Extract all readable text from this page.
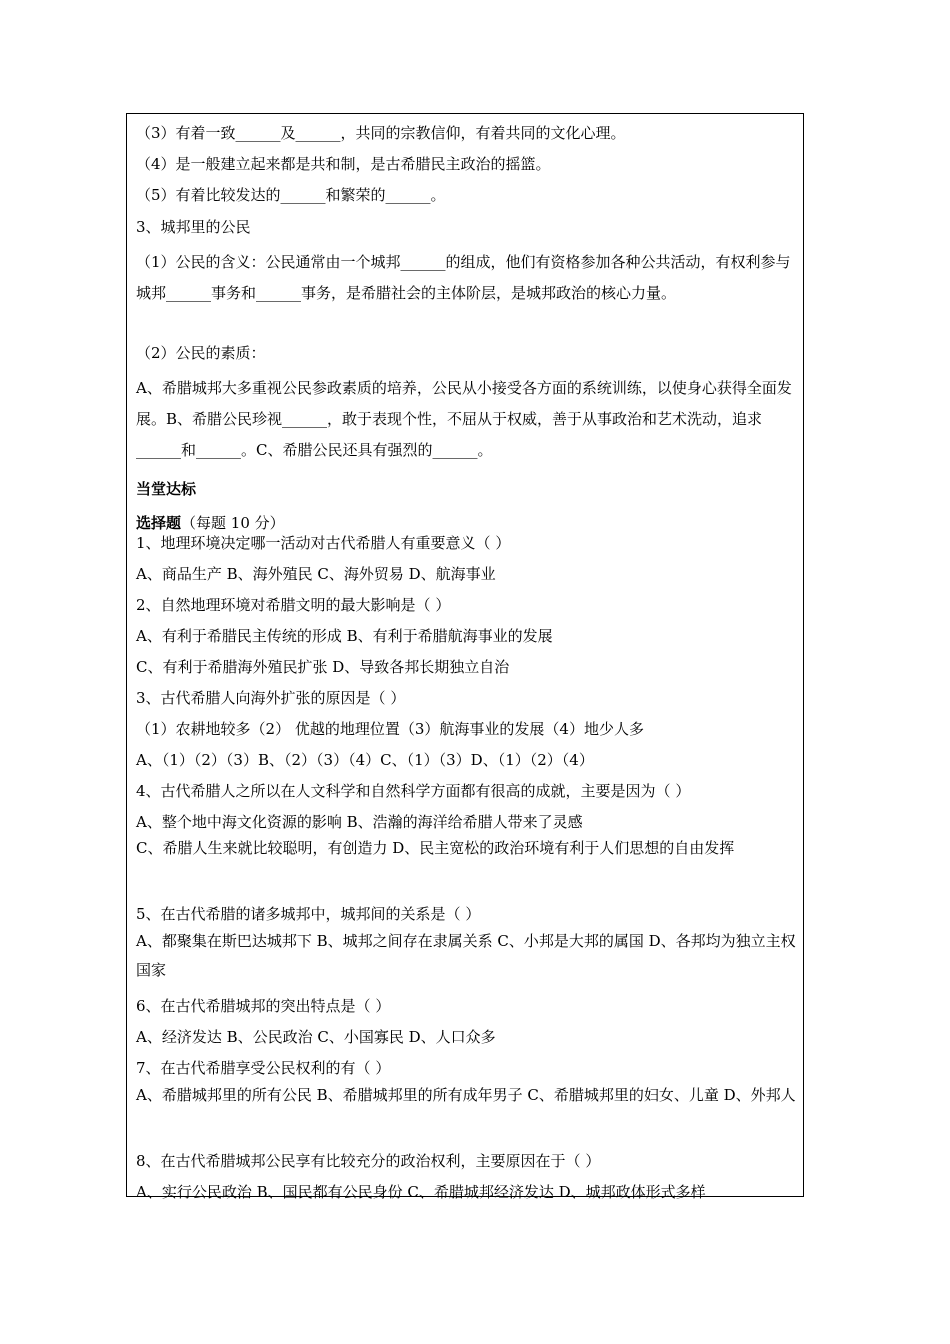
（3）有着一致______及______，共同的宗教信仰，有着共同的文化心理。
（4）是一般建立起来都是共和制，是古希腊民主政治的摇篮。
（5）有着比较发达的______和繁荣的______。
3、城邦里的公民
（1）公民的含义：公民通常由一个城邦______的组成，他们有资格参加各种公共活动，有权利参与城邦______事务和______事务，是希腊社会的主体阶层，是城邦政治的核心力量。
（2）公民的素质：
A、希腊城邦大多重视公民参政素质的培养，公民从小接受各方面的系统训练，以使身心获得全面发展。B、希腊公民珍视______，敢于表现个性，不屈从于权威，善于从事政治和艺术洗动，追求______和______。C、希腊公民还具有强烈的______。
当堂达标
选择题（每题 10 分）
1、地理环境决定哪一活动对古代希腊人有重要意义（ ）
A、商品生产 B、海外殖民 C、海外贸易 D、航海事业
2、自然地理环境对希腊文明的最大影响是（ ）
A、有利于希腊民主传统的形成 B、有利于希腊航海事业的发展
C、有利于希腊海外殖民扩张 D、导致各邦长期独立自治
3、古代希腊人向海外扩张的原因是（ ）
（1）农耕地较多（2） 优越的地理位置（3）航海事业的发展（4）地少人多
A、（1）（2）（3）B、（2）（3）（4）C、（1）（3）D、（1）（2）（4）
4、古代希腊人之所以在人文科学和自然科学方面都有很高的成就，主要是因为（ ）
A、整个地中海文化资源的影响 B、浩瀚的海洋给希腊人带来了灵感
C、希腊人生来就比较聪明，有创造力 D、民主宽松的政治环境有利于人们思想的自由发挥
5、在古代希腊的诸多城邦中，城邦间的关系是（ ）
A、都聚集在斯巴达城邦下 B、城邦之间存在隶属关系 C、小邦是大邦的属国 D、各邦均为独立主权国家
6、在古代希腊城邦的突出特点是（ ）
A、经济发达 B、公民政治 C、小国寡民 D、人口众多
7、在古代希腊享受公民权利的有（ ）
A、希腊城邦里的所有公民 B、希腊城邦里的所有成年男子 C、希腊城邦里的妇女、儿童 D、外邦人
8、在古代希腊城邦公民享有比较充分的政治权利，主要原因在于（ ）
A、实行公民政治 B、国民都有公民身份 C、希腊城邦经济发达 D、城邦政体形式多样
